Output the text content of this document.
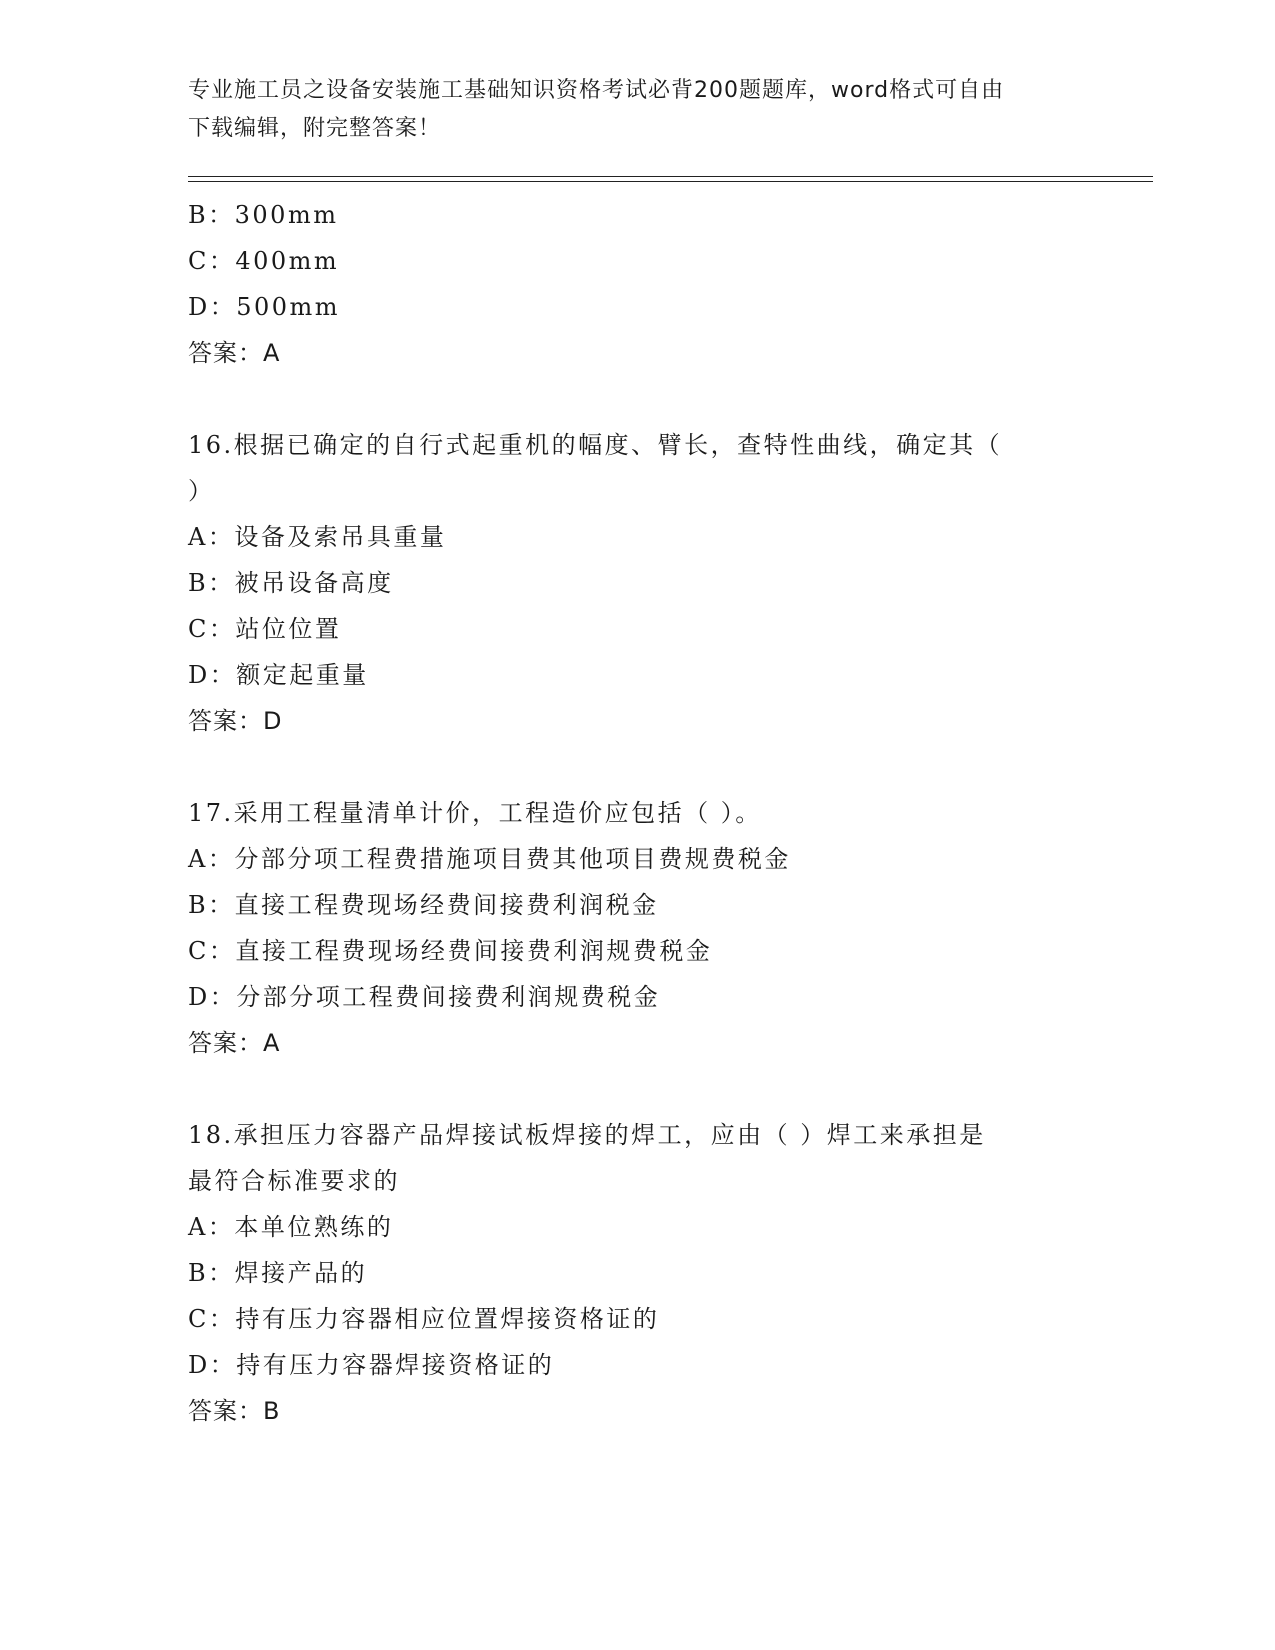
专业施工员之设备安装施工基础知识资格考试必背200题题库，word格式可自由
下载编辑，附完整答案！
B：300mm
C：400mm
D：500mm
答案：A
16.根据已确定的自行式起重机的幅度、臂长，查特性曲线，确定其（
）
A：设备及索吊具重量
B：被吊设备高度
C：站位位置
D：额定起重量
答案：D
17.采用工程量清单计价，工程造价应包括（ ）。
A：分部分项工程费措施项目费其他项目费规费税金
B：直接工程费现场经费间接费利润税金
C：直接工程费现场经费间接费利润规费税金
D：分部分项工程费间接费利润规费税金
答案：A
18.承担压力容器产品焊接试板焊接的焊工，应由（ ）焊工来承担是
最符合标准要求的
A：本单位熟练的
B：焊接产品的
C：持有压力容器相应位置焊接资格证的
D：持有压力容器焊接资格证的
答案：B
